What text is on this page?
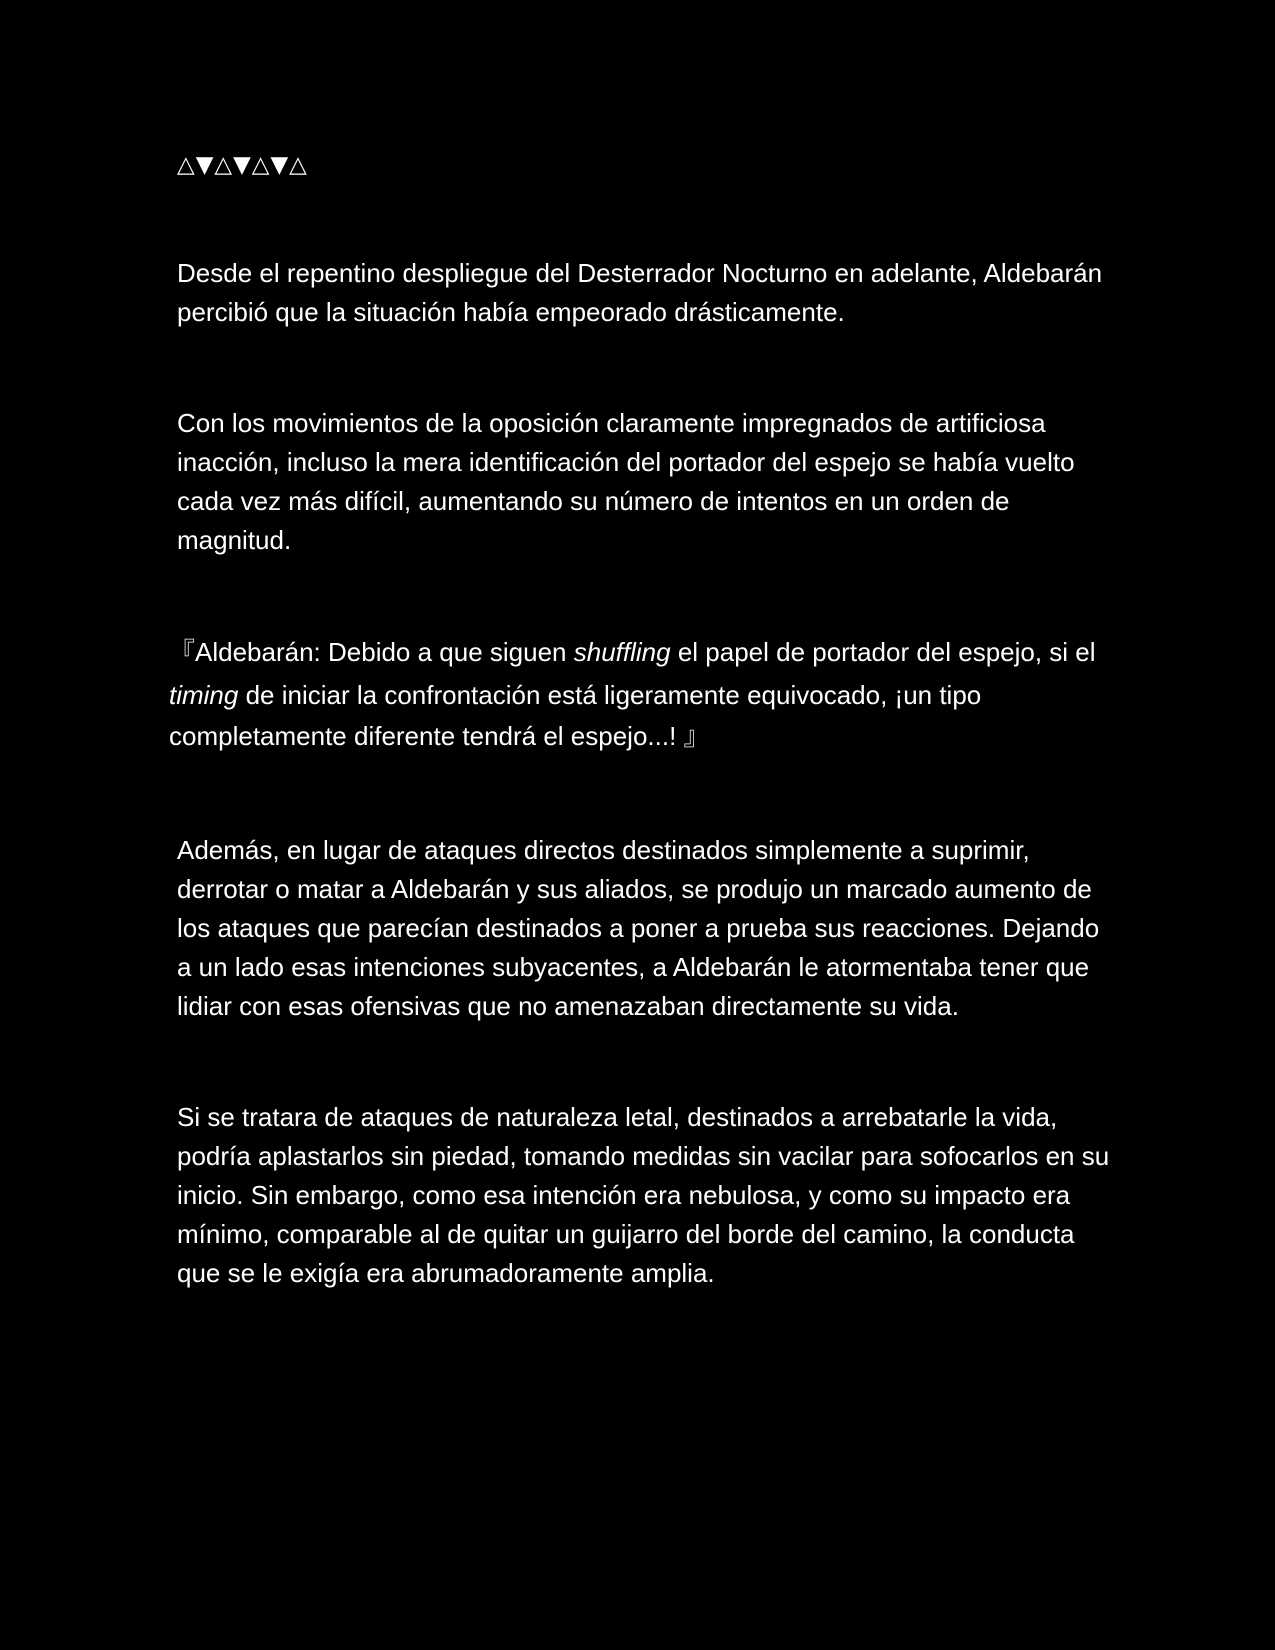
△▼△▼△▼△

Desde el repentino despliegue del Desterrador Nocturno en adelante, Aldebarán percibió que la situación había empeorado drásticamente.

Con los movimientos de la oposición claramente impregnados de artificiosa inacción, incluso la mera identificación del portador del espejo se había vuelto cada vez más difícil, aumentando su número de intentos en un orden de magnitud.

『Aldebarán: Debido a que siguen shuffling el papel de portador del espejo, si el timing de iniciar la confrontación está ligeramente equivocado, ¡un tipo completamente diferente tendrá el espejo...! 』

Además, en lugar de ataques directos destinados simplemente a suprimir, derrotar o matar a Aldebarán y sus aliados, se produjo un marcado aumento de los ataques que parecían destinados a poner a prueba sus reacciones. Dejando a un lado esas intenciones subyacentes, a Aldebarán le atormentaba tener que lidiar con esas ofensivas que no amenazaban directamente su vida.

Si se tratara de ataques de naturaleza letal, destinados a arrebatarle la vida, podría aplastarlos sin piedad, tomando medidas sin vacilar para sofocarlos en su inicio. Sin embargo, como esa intención era nebulosa, y como su impacto era mínimo, comparable al de quitar un guijarro del borde del camino, la conducta que se le exigía era abrumadoramente amplia.
